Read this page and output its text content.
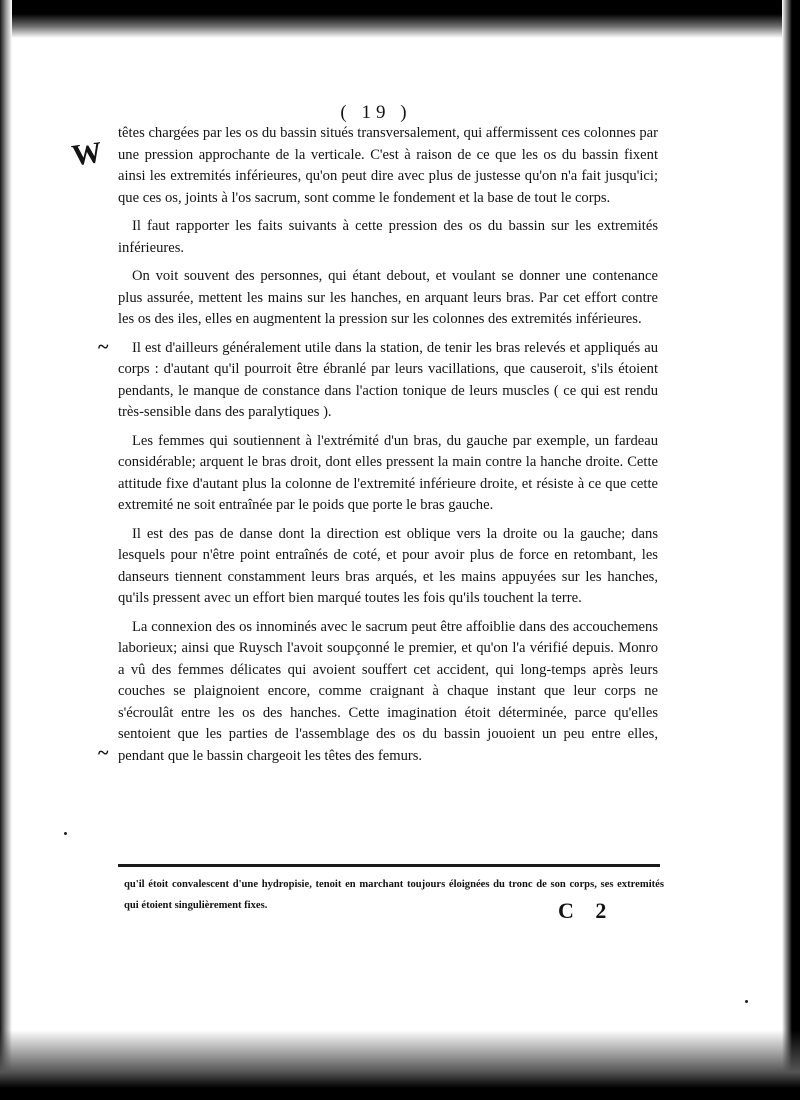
( 19 )
W
~
~

têtes chargées par les os du bassin situés transversalement, qui affermissent ces colonnes par une pression approchante de la verticale. C'est à raison de ce que les os du bassin fixent ainsi les extremités inférieures, qu'on peut dire avec plus de justesse qu'on n'a fait jusqu'ici; que ces os, joints à l'os sacrum, sont comme le fondement et la base de tout le corps.

Il faut rapporter les faits suivants à cette pression des os du bassin sur les extremités inférieures.

On voit souvent des personnes, qui étant debout, et voulant se donner une contenance plus assurée, mettent les mains sur les hanches, en arquant leurs bras. Par cet effort contre les os des iles, elles en augmentent la pression sur les colonnes des extremités inférieures.

Il est d'ailleurs généralement utile dans la station, de tenir les bras relevés et appliqués au corps : d'autant qu'il pourroit être ébranlé par leurs vacillations, que causeroit, s'ils étoient pendants, le manque de constance dans l'action tonique de leurs muscles ( ce qui est rendu très-sensible dans des paralytiques ).

Les femmes qui soutiennent à l'extrémité d'un bras, du gauche par exemple, un fardeau considérable; arquent le bras droit, dont elles pressent la main contre la hanche droite. Cette attitude fixe d'autant plus la colonne de l'extremité inférieure droite, et résiste à ce que cette extremité ne soit entraînée par le poids que porte le bras gauche.

Il est des pas de danse dont la direction est oblique vers la droite ou la gauche; dans lesquels pour n'être point entraînés de coté, et pour avoir plus de force en retombant, les danseurs tiennent constamment leurs bras arqués, et les mains appuyées sur les hanches, qu'ils pressent avec un effort bien marqué toutes les fois qu'ils touchent la terre.

La connexion des os innominés avec le sacrum peut être affoiblie dans des accouchemens laborieux; ainsi que Ruysch l'avoit soupçonné le premier, et qu'on l'a vérifié depuis. Monro a vû des femmes délicates qui avoient souffert cet accident, qui long-temps après leurs couches se plaignoient encore, comme craignant à chaque instant que leur corps ne s'écroulât entre les os des hanches. Cette imagination étoit déterminée, parce qu'elles sentoient que les parties de l'assemblage des os du bassin jouoient un peu entre elles, pendant que le bassin chargeoit les têtes des femurs.

qu'il étoit convalescent d'une hydropisie, tenoit en marchant toujours éloignées du tronc de son corps, ses extremités qui étoient singulièrement fixes.	C 2
